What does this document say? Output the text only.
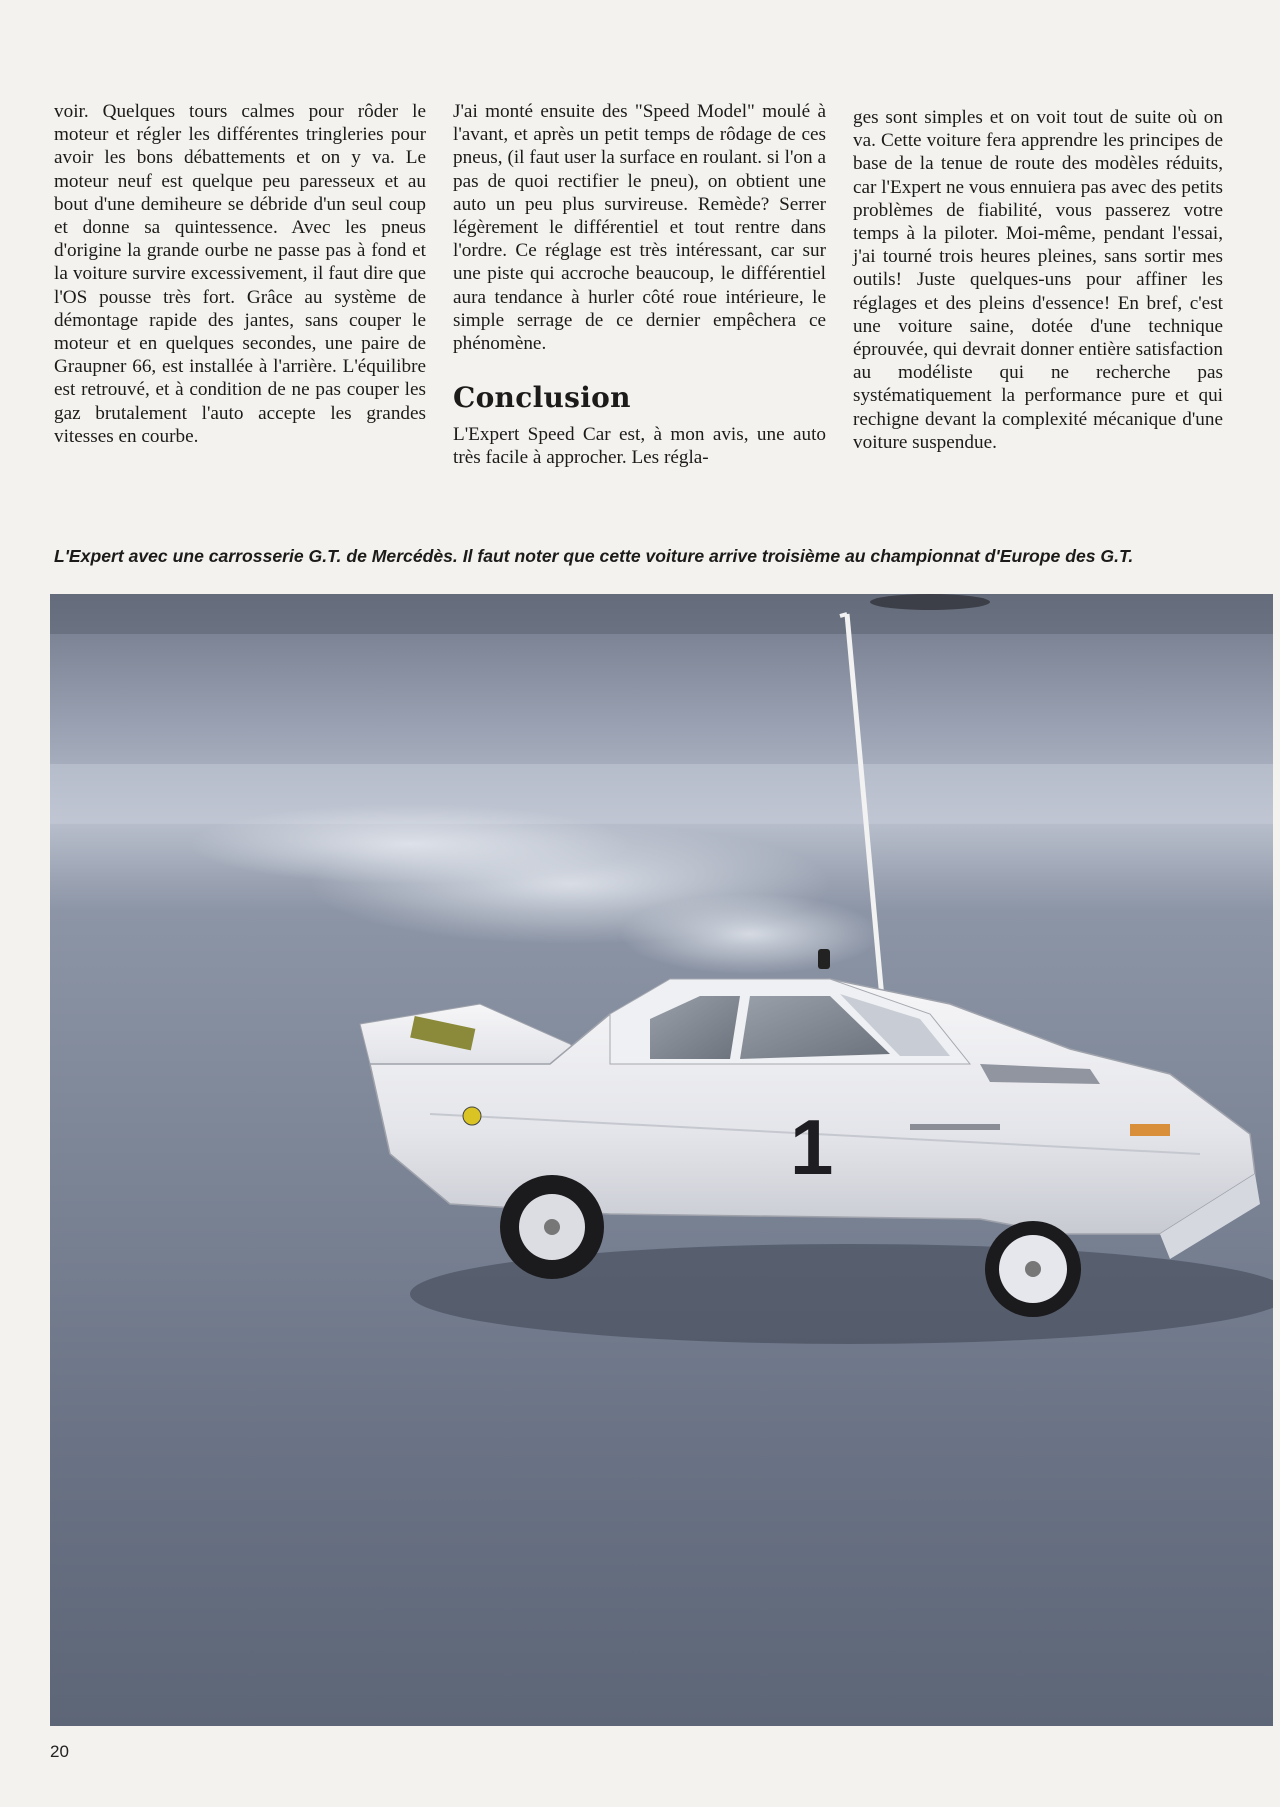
voir. Quelques tours calmes pour rôder le moteur et régler les différentes tringleries pour avoir les bons débattements et on y va. Le moteur neuf est quelque peu paresseux et au bout d'une demiheure se débride d'un seul coup et donne sa quintessence. Avec les pneus d'origine la grande ourbe ne passe pas à fond et la voiture survire excessivement, il faut dire que l'OS pousse très fort. Grâce au système de démontage rapide des jantes, sans couper le moteur et en quelques secondes, une paire de Graupner 66, est installée à l'arrière. L'équilibre est retrouvé, et à condition de ne pas couper les gaz brutalement l'auto accepte les grandes vitesses en courbe.

J'ai monté ensuite des "Speed Model" moulé à l'avant, et après un petit temps de rôdage de ces pneus, (il faut user la surface en roulant. si l'on a pas de quoi rectifier le pneu), on obtient une auto un peu plus survireuse. Remède? Serrer légèrement le différentiel et tout rentre dans l'ordre. Ce réglage est très intéressant, car sur une piste qui accroche beaucoup, le différentiel aura tendance à hurler côté roue intérieure, le simple serrage de ce dernier empêchera ce phénomène.

Conclusion

L'Expert Speed Car est, à mon avis, une auto très facile à approcher. Les régla-

ges sont simples et on voit tout de suite où on va. Cette voiture fera apprendre les principes de base de la tenue de route des modèles réduits, car l'Expert ne vous ennuiera pas avec des petits problèmes de fiabilité, vous passerez votre temps à la piloter. Moi-même, pendant l'essai, j'ai tourné trois heures pleines, sans sortir mes outils! Juste quelques-uns pour affiner les réglages et des pleins d'essence! En bref, c'est une voiture saine, dotée d'une technique éprouvée, qui devrait donner entière satisfaction au modéliste qui ne recherche pas systématiquement la performance pure et qui rechigne devant la complexité mécanique d'une voiture suspendue.

L'Expert avec une carrosserie G.T. de Mercédès. Il faut noter que cette voiture arrive troisième au championnat d'Europe des G.T.
1
20
